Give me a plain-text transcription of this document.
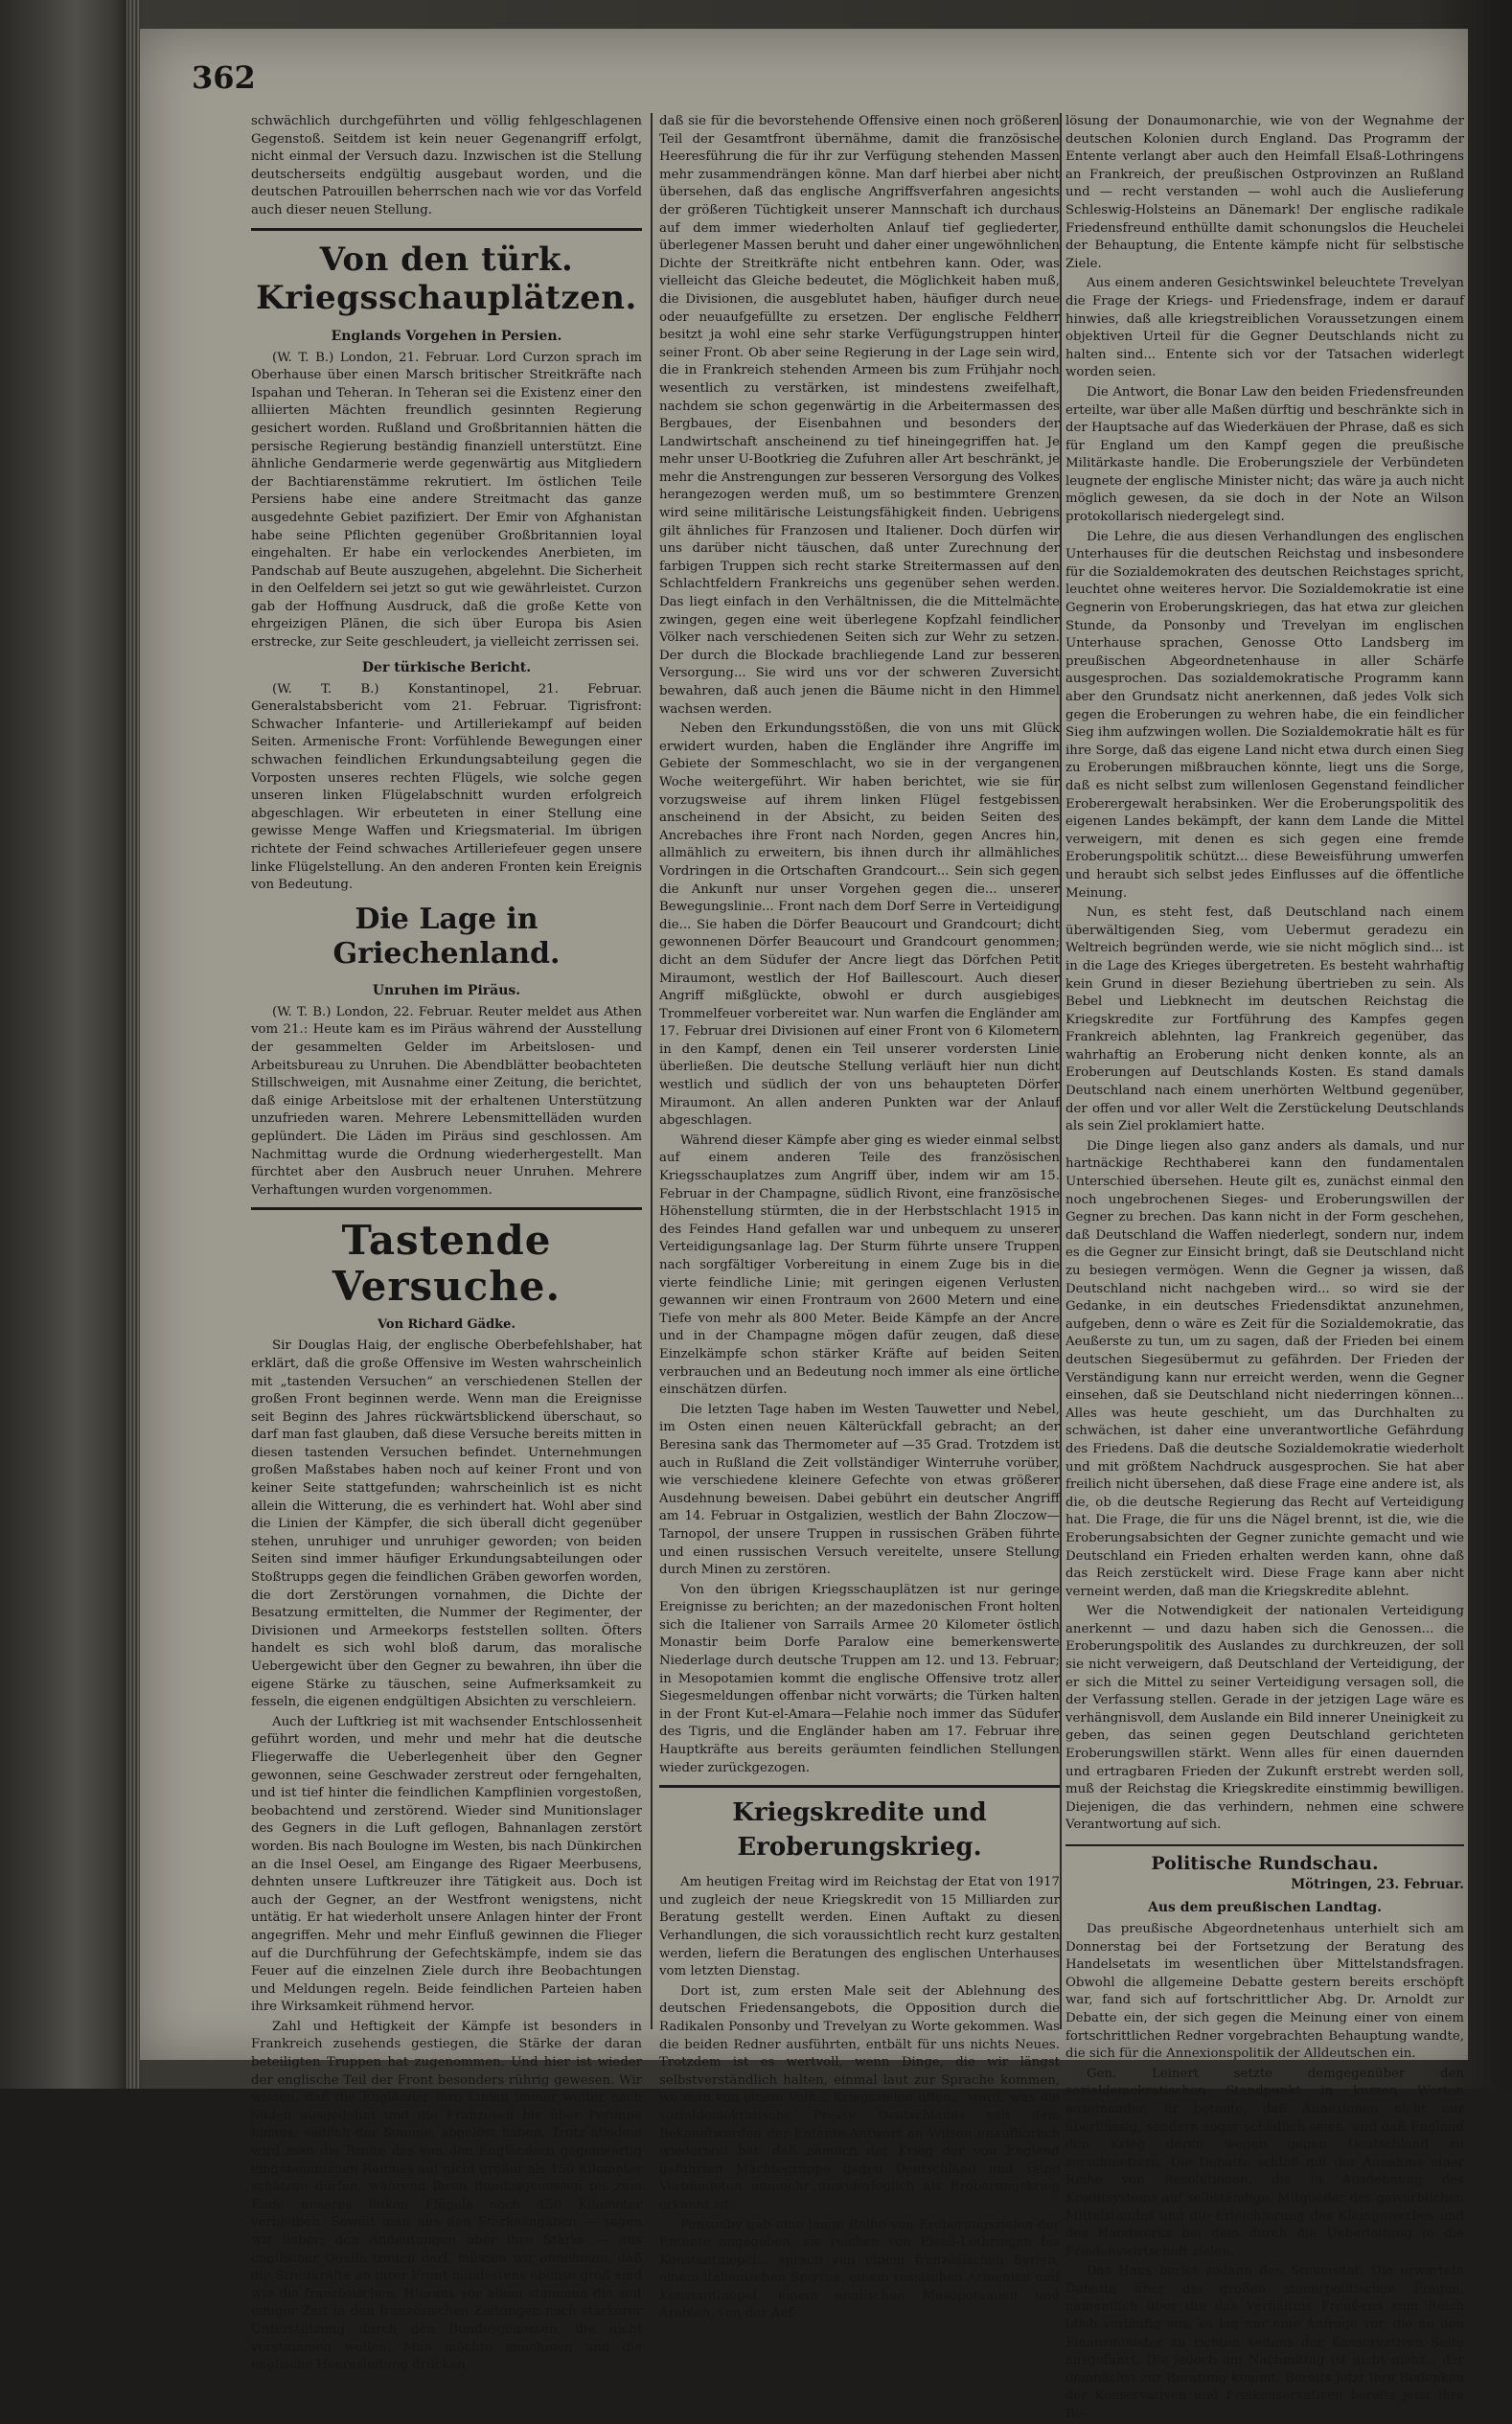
362

schwächlich durchgeführten und völlig fehlgeschlagenen Gegenstoß. Seitdem ist kein neuer Gegenangriff erfolgt, nicht einmal der Versuch dazu. Inzwischen ist die Stellung deutscherseits endgültig ausgebaut worden, und die deutschen Patrouillen beherrschen nach wie vor das Vorfeld auch dieser neuen Stellung.

Von den türk. Kriegsschauplätzen.
Englands Vorgehen in Persien.

(W. T. B.) London, 21. Februar. Lord Curzon sprach im Oberhause über einen Marsch britischer Streitkräfte nach Ispahan und Teheran. In Teheran sei die Existenz einer den alliierten Mächten freundlich gesinnten Regierung gesichert worden. Rußland und Großbritannien hätten die persische Regierung beständig finanziell unterstützt. Eine ähnliche Gendarmerie werde gegenwärtig aus Mitgliedern der Bachtiarenstämme rekrutiert. Im östlichen Teile Persiens habe eine andere Streitmacht das ganze ausgedehnte Gebiet pazifiziert. Der Emir von Afghanistan habe seine Pflichten gegenüber Großbritannien loyal eingehalten. Er habe ein verlockendes Anerbieten, im Pandschab auf Beute auszugehen, abgelehnt. Die Sicherheit in den Oelfeldern sei jetzt so gut wie gewährleistet. Curzon gab der Hoffnung Ausdruck, daß die große Kette von ehrgeizigen Plänen, die sich über Europa bis Asien erstrecke, zur Seite geschleudert, ja vielleicht zerrissen sei.

Der türkische Bericht.

(W. T. B.) Konstantinopel, 21. Februar. Generalstabsbericht vom 21. Februar. Tigrisfront: Schwacher Infanterie- und Artilleriekampf auf beiden Seiten. Armenische Front: Vorfühlende Bewegungen einer schwachen feindlichen Erkundungsabteilung gegen die Vorposten unseres rechten Flügels, wie solche gegen unseren linken Flügelabschnitt wurden erfolgreich abgeschlagen. Wir erbeuteten in einer Stellung eine gewisse Menge Waffen und Kriegsmaterial. Im übrigen richtete der Feind schwaches Artilleriefeuer gegen unsere linke Flügelstellung. An den anderen Fronten kein Ereignis von Bedeutung.

Die Lage in Griechenland.
Unruhen im Piräus.

(W. T. B.) London, 22. Februar. Reuter meldet aus Athen vom 21.: Heute kam es im Piräus während der Ausstellung der gesammelten Gelder im Arbeitslosen- und Arbeitsbureau zu Unruhen. Die Abendblätter beobachteten Stillschweigen, mit Ausnahme einer Zeitung, die berichtet, daß einige Arbeitslose mit der erhaltenen Unterstützung unzufrieden waren. Mehrere Lebensmittelläden wurden geplündert. Die Läden im Piräus sind geschlossen. Am Nachmittag wurde die Ordnung wiederhergestellt. Man fürchtet aber den Ausbruch neuer Unruhen. Mehrere Verhaftungen wurden vorgenommen.

Tastende Versuche.
Von Richard Gädke.

Sir Douglas Haig, der englische Oberbefehlshaber, hat erklärt, daß die große Offensive im Westen wahrscheinlich mit „tastenden Versuchen“ an verschiedenen Stellen der großen Front beginnen werde. Wenn man die Ereignisse seit Beginn des Jahres rückwärtsblickend überschaut, so darf man fast glauben, daß diese Versuche bereits mitten in diesen tastenden Versuchen befindet. Unternehmungen großen Maßstabes haben noch auf keiner Front und von keiner Seite stattgefunden; wahrscheinlich ist es nicht allein die Witterung, die es verhindert hat. Wohl aber sind die Linien der Kämpfer, die sich überall dicht gegenüber stehen, unruhiger und unruhiger geworden; von beiden Seiten sind immer häufiger Erkundungsabteilungen oder Stoßtrupps gegen die feindlichen Gräben geworfen worden, die dort Zerstörungen vornahmen, die Dichte der Besatzung ermittelten, die Nummer der Regimenter, der Divisionen und Armeekorps feststellen sollten. Öfters handelt es sich wohl bloß darum, das moralische Uebergewicht über den Gegner zu bewahren, ihn über die eigene Stärke zu täuschen, seine Aufmerksamkeit zu fesseln, die eigenen endgültigen Absichten zu verschleiern.

Auch der Luftkrieg ist mit wachsender Entschlossenheit geführt worden, und mehr und mehr hat die deutsche Fliegerwaffe die Ueberlegenheit über den Gegner gewonnen, seine Geschwader zerstreut oder ferngehalten, und ist tief hinter die feindlichen Kampflinien vorgestoßen, beobachtend und zerstörend. Wieder sind Munitionslager des Gegners in die Luft geflogen, Bahnanlagen zerstört worden. Bis nach Boulogne im Westen, bis nach Dünkirchen an die Insel Oesel, am Eingange des Rigaer Meerbusens, dehnten unsere Luftkreuzer ihre Tätigkeit aus. Doch ist auch der Gegner, an der Westfront wenigstens, nicht untätig. Er hat wiederholt unsere Anlagen hinter der Front angegriffen. Mehr und mehr Einfluß gewinnen die Flieger auf die Durchführung der Gefechtskämpfe, indem sie das Feuer auf die einzelnen Ziele durch ihre Beobachtungen und Meldungen regeln. Beide feindlichen Parteien haben ihre Wirksamkeit rühmend hervor.

Zahl und Heftigkeit der Kämpfe ist besonders in Frankreich zusehends gestiegen, die Stärke der daran beteiligten Truppen hat zugenommen. Und hier ist wieder der englische Teil der Front besonders rührig gewesen. Wir wissen, daß die Engländer ihre Linien immer weiter nach Süden ausgedehnt und die Franzosen bis über Peronne hinaus, südlich der Somme, abgelöst haben. Trotz alledem wird man die Breite des von den Engländern gegenwärtig eingenommenen Raumes auf nicht größer als 150 Kilometer schätzen dürfen, während ihren Bundesgenossen bis zum Ende unseres linken Flügels noch 450 Kilometer verbleiben. Soweit man aus den Stärkeangaben — sagen wir lieber: den Andeutungen über ihre Stärke — aus englischer Quelle trauen darf, müssen wir annehmen, daß die Streitkräfte an ihrer Front mindestens ebenso groß sind wie die französischen. Hieraus vor allem stammen die seit einiger Zeit in den französischen Zeitungen nach stärkerer Unterstützung durch den Bundesgenossen, die nicht verstummen wollen. Man möchte annehmen und die englische Heeresleitung drücken,

daß sie für die bevorstehende Offensive einen noch größeren Teil der Gesamtfront übernähme, damit die französische Heeresführung die für ihr zur Verfügung stehenden Massen mehr zusammendrängen könne. Man darf hierbei aber nicht übersehen, daß das englische Angriffsverfahren angesichts der größeren Tüchtigkeit unserer Mannschaft ich durchaus auf dem immer wiederholten Anlauf tief gegliederter, überlegener Massen beruht und daher einer ungewöhnlichen Dichte der Streitkräfte nicht entbehren kann. Oder, was vielleicht das Gleiche bedeutet, die Möglichkeit haben muß, die Divisionen, die ausgeblutet haben, häufiger durch neue oder neuaufgefüllte zu ersetzen. Der englische Feldherr besitzt ja wohl eine sehr starke Verfügungstruppen hinter seiner Front. Ob aber seine Regierung in der Lage sein wird, die in Frankreich stehenden Armeen bis zum Frühjahr noch wesentlich zu verstärken, ist mindestens zweifelhaft, nachdem sie schon gegenwärtig in die Arbeitermassen des Bergbaues, der Eisenbahnen und besonders der Landwirtschaft anscheinend zu tief hineingegriffen hat. Je mehr unser U-Bootkrieg die Zufuhren aller Art beschränkt, je mehr die Anstrengungen zur besseren Versorgung des Volkes herangezogen werden muß, um so bestimmtere Grenzen wird seine militärische Leistungsfähigkeit finden. Uebrigens gilt ähnliches für Franzosen und Italiener. Doch dürfen wir uns darüber nicht täuschen, daß unter Zurechnung der farbigen Truppen sich recht starke Streitermassen auf den Schlachtfeldern Frankreichs uns gegenüber sehen werden. Das liegt einfach in den Verhältnissen, die die Mittelmächte zwingen, gegen eine weit überlegene Kopfzahl feindlicher Völker nach verschiedenen Seiten sich zur Wehr zu setzen. Der durch die Blockade brachliegende Land zur besseren Versorgung... Sie wird uns vor der schweren Zuversicht bewahren, daß auch jenen die Bäume nicht in den Himmel wachsen werden.

Neben den Erkundungsstößen, die von uns mit Glück erwidert wurden, haben die Engländer ihre Angriffe im Gebiete der Sommeschlacht, wo sie in der vergangenen Woche weitergeführt. Wir haben berichtet, wie sie für vorzugsweise auf ihrem linken Flügel festgebissen anscheinend in der Absicht, zu beiden Seiten des Ancrebaches ihre Front nach Norden, gegen Ancres hin, allmählich zu erweitern, bis ihnen durch ihr allmähliches Vordringen in die Ortschaften Grandcourt... Sein sich gegen die Ankunft nur unser Vorgehen gegen die... unserer Bewegungslinie... Front nach dem Dorf Serre in Verteidigung die... Sie haben die Dörfer Beaucourt und Grandcourt; dicht gewonnenen Dörfer Beaucourt und Grandcourt genommen; dicht an dem Südufer der Ancre liegt das Dörfchen Petit Miraumont, westlich der Hof Baillescourt. Auch dieser Angriff mißglückte, obwohl er durch ausgiebiges Trommelfeuer vorbereitet war. Nun warfen die Engländer am 17. Februar drei Divisionen auf einer Front von 6 Kilometern in den Kampf, denen ein Teil unserer vordersten Linie überließen. Die deutsche Stellung verläuft hier nun dicht westlich und südlich der von uns behaupteten Dörfer Miraumont. An allen anderen Punkten war der Anlauf abgeschlagen.

Während dieser Kämpfe aber ging es wieder einmal selbst auf einem anderen Teile des französischen Kriegsschauplatzes zum Angriff über, indem wir am 15. Februar in der Champagne, südlich Rivont, eine französische Höhenstellung stürmten, die in der Herbstschlacht 1915 in des Feindes Hand gefallen war und unbequem zu unserer Verteidigungsanlage lag. Der Sturm führte unsere Truppen nach sorgfältiger Vorbereitung in einem Zuge bis in die vierte feindliche Linie; mit geringen eigenen Verlusten gewannen wir einen Frontraum von 2600 Metern und eine Tiefe von mehr als 800 Meter. Beide Kämpfe an der Ancre und in der Champagne mögen dafür zeugen, daß diese Einzelkämpfe schon stärker Kräfte auf beiden Seiten verbrauchen und an Bedeutung noch immer als eine örtliche einschätzen dürfen.

Die letzten Tage haben im Westen Tauwetter und Nebel, im Osten einen neuen Kälterückfall gebracht; an der Beresina sank das Thermometer auf —35 Grad. Trotzdem ist auch in Rußland die Zeit vollständiger Winterruhe vorüber, wie verschiedene kleinere Gefechte von etwas größerer Ausdehnung beweisen. Dabei gebührt ein deutscher Angriff am 14. Februar in Ostgalizien, westlich der Bahn Zloczow—Tarnopol, der unsere Truppen in russischen Gräben führte und einen russischen Versuch vereitelte, unsere Stellung durch Minen zu zerstören.

Von den übrigen Kriegsschauplätzen ist nur geringe Ereignisse zu berichten; an der mazedonischen Front holten sich die Italiener von Sarrails Armee 20 Kilometer östlich Monastir beim Dorfe Paralow eine bemerkenswerte Niederlage durch deutsche Truppen am 12. und 13. Februar; in Mesopotamien kommt die englische Offensive trotz aller Siegesmeldungen offenbar nicht vorwärts; die Türken halten in der Front Kut-el-Amara—Felahie noch immer das Südufer des Tigris, und die Engländer haben am 17. Februar ihre Hauptkräfte aus bereits geräumten feindlichen Stellungen wieder zurückgezogen.

Kriegskredite und Eroberungskrieg.

Am heutigen Freitag wird im Reichstag der Etat von 1917 und zugleich der neue Kriegskredit von 15 Milliarden zur Beratung gestellt werden. Einen Auftakt zu diesen Verhandlungen, die sich voraussichtlich recht kurz gestalten werden, liefern die Beratungen des englischen Unterhauses vom letzten Dienstag.

Dort ist, zum ersten Male seit der Ablehnung des deutschen Friedensangebots, die Opposition durch die Radikalen Ponsonby und Trevelyan zu Worte gekommen. Was die beiden Redner ausführten, entbält für uns nichts Neues. Trotzdem ist es wertvoll, wenn Dinge, die wir längst selbstverständlich halten, einmal laut zur Sprache kommen, wo man von einem Volk... Kriegszielen offen... ward, was die sozialdemokratische Presse Deutschlands seit dem Bekanntwerden der Entente-Antwort an Wilson unaufhörlich wiederholt hat: daß nämlich der Krieg der von England geführten Mächtegruppe gegen Deutschland und seine Verbündeten nunmehr unwiderleglich als Eroberungskrieg erkannt ist.

Ponsonby gab eine lange Reihe von Eroberungszielen der Entente angegeben, sie reichen von Elsaß-Lothringen bis Konstantinopel... sprach von einem französischen Syrien, einem italienischen Smyrna, einem russischen Armenien und Konstantinopel, einem englischen Mesopotamien und Arabien, von der Auf-

lösung der Donaumonarchie, wie von der Wegnahme der deutschen Kolonien durch England. Das Programm der Entente verlangt aber auch den Heimfall Elsaß-Lothringens an Frankreich, der preußischen Ostprovinzen an Rußland und — recht verstanden — wohl auch die Auslieferung Schleswig-Holsteins an Dänemark! Der englische radikale Friedensfreund enthüllte damit schonungslos die Heuchelei der Behauptung, die Entente kämpfe nicht für selbstische Ziele.

Aus einem anderen Gesichtswinkel beleuchtete Trevelyan die Frage der Kriegs- und Friedensfrage, indem er darauf hinwies, daß alle kriegstreiblichen Voraussetzungen einem objektiven Urteil für die Gegner Deutschlands nicht zu halten sind... Entente sich vor der Tatsachen widerlegt worden seien.

Die Antwort, die Bonar Law den beiden Friedensfreunden erteilte, war über alle Maßen dürftig und beschränkte sich in der Hauptsache auf das Wiederkäuen der Phrase, daß es sich für England um den Kampf gegen die preußische Militärkaste handle. Die Eroberungsziele der Verbündeten leugnete der englische Minister nicht; das wäre ja auch nicht möglich gewesen, da sie doch in der Note an Wilson protokollarisch niedergelegt sind.

Die Lehre, die aus diesen Verhandlungen des englischen Unterhauses für die deutschen Reichstag und insbesondere für die Sozialdemokraten des deutschen Reichstages spricht, leuchtet ohne weiteres hervor. Die Sozialdemokratie ist eine Gegnerin von Eroberungskriegen, das hat etwa zur gleichen Stunde, da Ponsonby und Trevelyan im englischen Unterhause sprachen, Genosse Otto Landsberg im preußischen Abgeordnetenhause in aller Schärfe ausgesprochen. Das sozialdemokratische Programm kann aber den Grundsatz nicht anerkennen, daß jedes Volk sich gegen die Eroberungen zu wehren habe, die ein feindlicher Sieg ihm aufzwingen wollen. Die Sozialdemokratie hält es für ihre Sorge, daß das eigene Land nicht etwa durch einen Sieg zu Eroberungen mißbrauchen könnte, liegt uns die Sorge, daß es nicht selbst zum willenlosen Gegenstand feindlicher Eroberergewalt herabsinken. Wer die Eroberungspolitik des eigenen Landes bekämpft, der kann dem Lande die Mittel verweigern, mit denen es sich gegen eine fremde Eroberungspolitik schützt... diese Beweisführung umwerfen und heraubt sich selbst jedes Einflusses auf die öffentliche Meinung.

Nun, es steht fest, daß Deutschland nach einem überwältigenden Sieg, vom Uebermut geradezu ein Weltreich begründen werde, wie sie nicht möglich sind... ist in die Lage des Krieges übergetreten. Es besteht wahrhaftig kein Grund in dieser Beziehung übertrieben zu sein. Als Bebel und Liebknecht im deutschen Reichstag die Kriegskredite zur Fortführung des Kampfes gegen Frankreich ablehnten, lag Frankreich gegenüber, das wahrhaftig an Eroberung nicht denken konnte, als an Eroberungen auf Deutschlands Kosten. Es stand damals Deutschland nach einem unerhörten Weltbund gegenüber, der offen und vor aller Welt die Zerstückelung Deutschlands als sein Ziel proklamiert hatte.

Die Dinge liegen also ganz anders als damals, und nur hartnäckige Rechthaberei kann den fundamentalen Unterschied übersehen. Heute gilt es, zunächst einmal den noch ungebrochenen Sieges- und Eroberungswillen der Gegner zu brechen. Das kann nicht in der Form geschehen, daß Deutschland die Waffen niederlegt, sondern nur, indem es die Gegner zur Einsicht bringt, daß sie Deutschland nicht zu besiegen vermögen. Wenn die Gegner ja wissen, daß Deutschland nicht nachgeben wird... so wird sie der Gedanke, in ein deutsches Friedensdiktat anzunehmen, aufgeben, denn o wäre es Zeit für die Sozialdemokratie, das Aeußerste zu tun, um zu sagen, daß der Frieden bei einem deutschen Siegesübermut zu gefährden. Der Frieden der Verständigung kann nur erreicht werden, wenn die Gegner einsehen, daß sie Deutschland nicht niederringen können... Alles was heute geschieht, um das Durchhalten zu schwächen, ist daher eine unverantwortliche Gefährdung des Friedens. Daß die deutsche Sozialdemokratie wiederholt und mit größtem Nachdruck ausgesprochen. Sie hat aber freilich nicht übersehen, daß diese Frage eine andere ist, als die, ob die deutsche Regierung das Recht auf Verteidigung hat. Die Frage, die für uns die Nägel brennt, ist die, wie die Eroberungsabsichten der Gegner zunichte gemacht und wie Deutschland ein Frieden erhalten werden kann, ohne daß das Reich zerstückelt wird. Diese Frage kann aber nicht verneint werden, daß man die Kriegskredite ablehnt.

Wer die Notwendigkeit der nationalen Verteidigung anerkennt — und dazu haben sich die Genossen... die Eroberungspolitik des Auslandes zu durchkreuzen, der soll sie nicht verweigern, daß Deutschland der Verteidigung, der er sich die Mittel zu seiner Verteidigung versagen soll, die der Verfassung stellen. Gerade in der jetzigen Lage wäre es verhängnisvoll, dem Auslande ein Bild innerer Uneinigkeit zu geben, das seinen gegen Deutschland gerichteten Eroberungswillen stärkt. Wenn alles für einen dauernden und ertragbaren Frieden der Zukunft erstrebt werden soll, muß der Reichstag die Kriegskredite einstimmig bewilligen. Diejenigen, die das verhindern, nehmen eine schwere Verantwortung auf sich.

Politische Rundschau.
Mötringen, 23. Februar.
Aus dem preußischen Landtag.

Das preußische Abgeordnetenhaus unterhielt sich am Donnerstag bei der Fortsetzung der Beratung des Handelsetats im wesentlichen über Mittelstandsfragen. Obwohl die allgemeine Debatte gestern bereits erschöpft war, fand sich auf fortschrittlicher Abg. Dr. Arnoldt zur Debatte ein, der sich gegen die Meinung einer von einem fortschrittlichen Redner vorgebrachten Behauptung wandte, die sich für die Annexionspolitik der Alldeutschen ein.

Gen. Leinert setzte demgegenüber den sozialdemokratischen Standpunkt in kurzen Worten auseinander. Er betonte, daß Annexionen nicht nur überflüssig, sondern sogar schädlich seien, und daß England den Krieg deren wegen gegen Deutschland zu zerschmettern. Die Debatte schloß mit der Annahme einer Reihe von Resolutionen, die in Ausdehnung des Kreditsystems auf selbständige, Mitglieder des gewerblichen Mittelstandes und die Erleichterung des Kleingewerbes und des Handwerks bei dem durch die Ueberleitung in die Friedenswirtschaft zielen.

Das Haus beriet sodann den Steueretat. Die erwartete Debatte über die großen steuerpolitischen Fragen, namentlich über die das Verhältnis Preußens zum Reich blieb vorläufig aus; es lag nur eine Anfrage vor, die an den Finanzminister zu richten seitens der Konservativen Seite ausgeführt. Die jedoch am Nachmittag ist nicht mehr... der demnächst zur Beratung kommt. Bereits jetzt ihre Bedenken der Konservativen und Freikonservativen bereits jetzt ihre Be-
